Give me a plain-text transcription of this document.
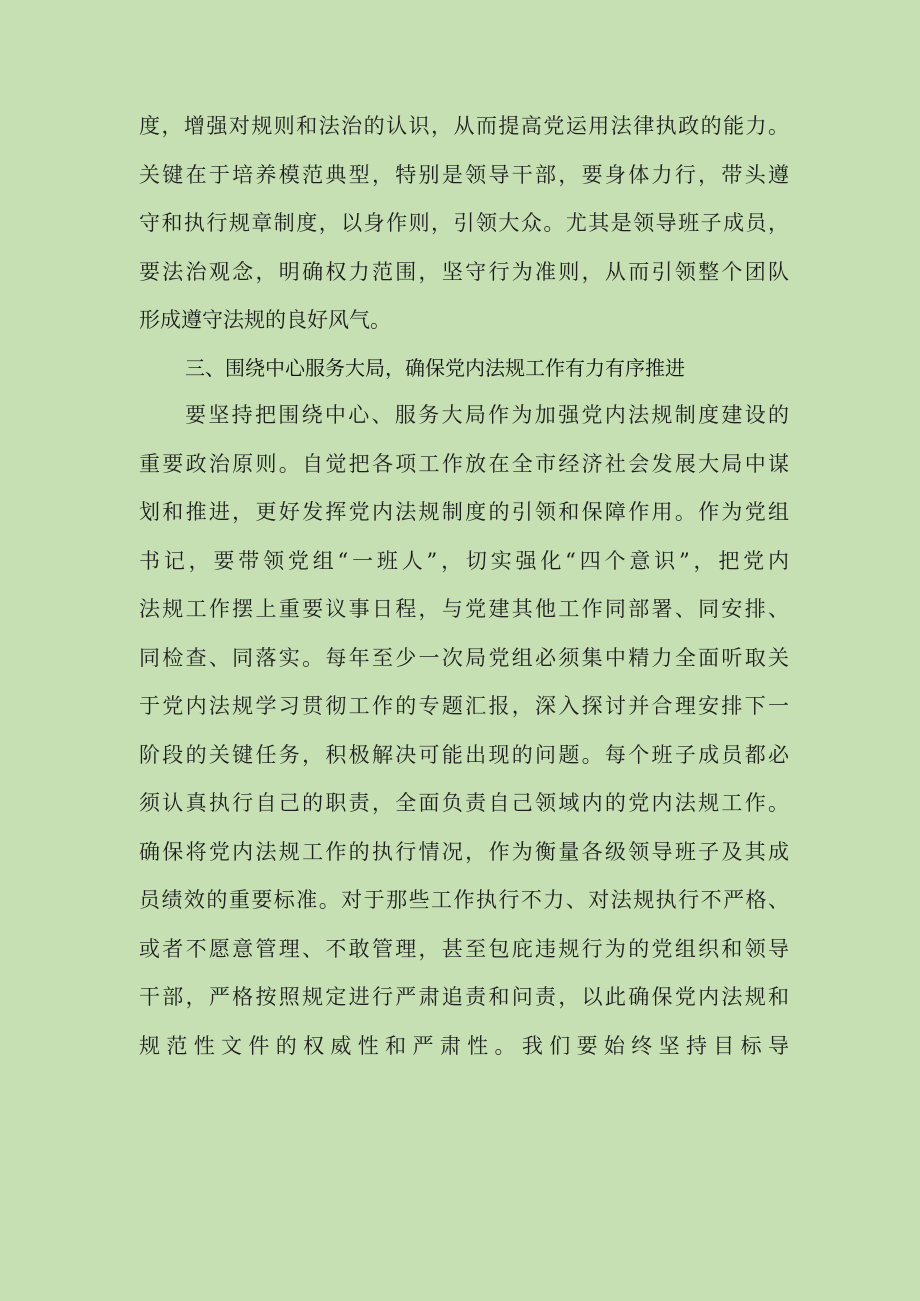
度，增强对规则和法治的认识，从而提高党运用法律执政的能力。
关键在于培养模范典型，特别是领导干部，要身体力行，带头遵
守和执行规章制度，以身作则，引领大众。尤其是领导班子成员，
要法治观念，明确权力范围，坚守行为准则，从而引领整个团队
形成遵守法规的良好风气。
三、围绕中心服务大局，确保党内法规工作有力有序推进
要坚持把围绕中心、服务大局作为加强党内法规制度建设的
重要政治原则。自觉把各项工作放在全市经济社会发展大局中谋
划和推进，更好发挥党内法规制度的引领和保障作用。作为党组
书记，要带领党组“一班人”，切实强化“四个意识”，把党内
法规工作摆上重要议事日程，与党建其他工作同部署、同安排、
同检查、同落实。每年至少一次局党组必须集中精力全面听取关
于党内法规学习贯彻工作的专题汇报，深入探讨并合理安排下一
阶段的关键任务，积极解决可能出现的问题。每个班子成员都必
须认真执行自己的职责，全面负责自己领域内的党内法规工作。
确保将党内法规工作的执行情况，作为衡量各级领导班子及其成
员绩效的重要标准。对于那些工作执行不力、对法规执行不严格、
或者不愿意管理、不敢管理，甚至包庇违规行为的党组织和领导
干部，严格按照规定进行严肃追责和问责，以此确保党内法规和
规范性文件的权威性和严肃性。我们要始终坚持目标导
